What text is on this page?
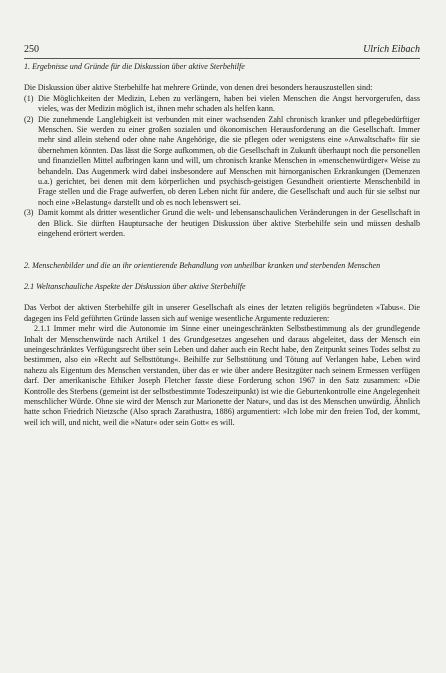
250	Ulrich Eibach

1. Ergebnisse und Gründe für die Diskussion über aktive Sterbehilfe

Die Diskussion über aktive Sterbehilfe hat mehrere Gründe, von denen drei besonders herauszustellen sind:

(1) Die Möglichkeiten der Medizin, Leben zu verlängern, haben bei vielen Menschen die Angst hervorgerufen, dass vieles, was der Medizin möglich ist, ihnen mehr schaden als helfen kann.
(2) Die zunehmende Langlebigkeit ist verbunden mit einer wachsenden Zahl chronisch kranker und pflegebedürftiger Menschen. Sie werden zu einer großen sozialen und ökonomischen Herausforderung an die Gesellschaft. Immer mehr sind allein stehend oder ohne nahe Angehörige, die sie pflegen oder wenigstens eine »Anwaltschaft« für sie übernehmen könnten. Das lässt die Sorge aufkommen, ob die Gesellschaft in Zukunft überhaupt noch die personellen und finanziellen Mittel aufbringen kann und will, um chronisch kranke Menschen in »menschenwürdiger« Weise zu behandeln. Das Augenmerk wird dabei insbesondere auf Menschen mit hirnorganischen Erkrankungen (Demenzen u.a.) gerichtet, bei denen mit dem körperlichen und psychisch-geistigen Gesundheit orientierte Menschenbild in Frage stellen und die Frage aufwerfen, ob deren Leben nicht für andere, die Gesellschaft und auch für sie selbst nur noch eine »Belastung« darstellt und ob es noch lebenswert sei.
(3) Damit kommt als dritter wesentlicher Grund die welt- und lebensanschaulichen Veränderungen in der Gesellschaft in den Blick. Sie dürften Hauptursache der heutigen Diskussion über aktive Sterbehilfe sein und müssen deshalb eingehend erörtert werden.

2. Menschenbilder und die an ihr orientierende Behandlung von unheilbar kranken und sterbenden Menschen

2.1 Weltanschauliche Aspekte der Diskussion über aktive Sterbehilfe

Das Verbot der aktiven Sterbehilfe gilt in unserer Gesellschaft als eines der letzten religiös begründeten »Tabus«. Die dagegen ins Feld geführten Gründe lassen sich auf wenige wesentliche Argumente reduzieren:

2.1.1 Immer mehr wird die Autonomie im Sinne einer uneingeschränkten Selbstbestimmung als der grundlegende Inhalt der Menschenwürde nach Artikel 1 des Grundgesetzes angesehen und daraus abgeleitet, dass der Mensch ein uneingeschränktes Verfügungsrecht über sein Leben und daher auch ein Recht habe, den Zeitpunkt seines Todes selbst zu bestimmen, also ein »Recht auf Selbsttötung«. Beihilfe zur Selbsttötung und Tötung auf Verlangen habe, Leben wird nahezu als Eigentum des Menschen verstanden, über das er wie über andere Besitzgüter nach seinem Ermessen verfügen darf. Der amerikanische Ethiker Joseph Fletcher fasste diese Forderung schon 1967 in den Satz zusammen: »Die Kontrolle des Sterbens (gemeint ist der selbstbestimmte Todeszeitpunkt) ist wie die Geburtenkontrolle eine Angelegenheit menschlicher Würde. Ohne sie wird der Mensch zur Marionette der Natur«, und das ist des Menschen unwürdig. Ähnlich hatte schon Friedrich Nietzsche (Also sprach Zarathustra, 1886) argumentiert: »Ich lobe mir den freien Tod, der kommt, weil ich will, und nicht, weil die »Natur« oder sein Gott« es will.
